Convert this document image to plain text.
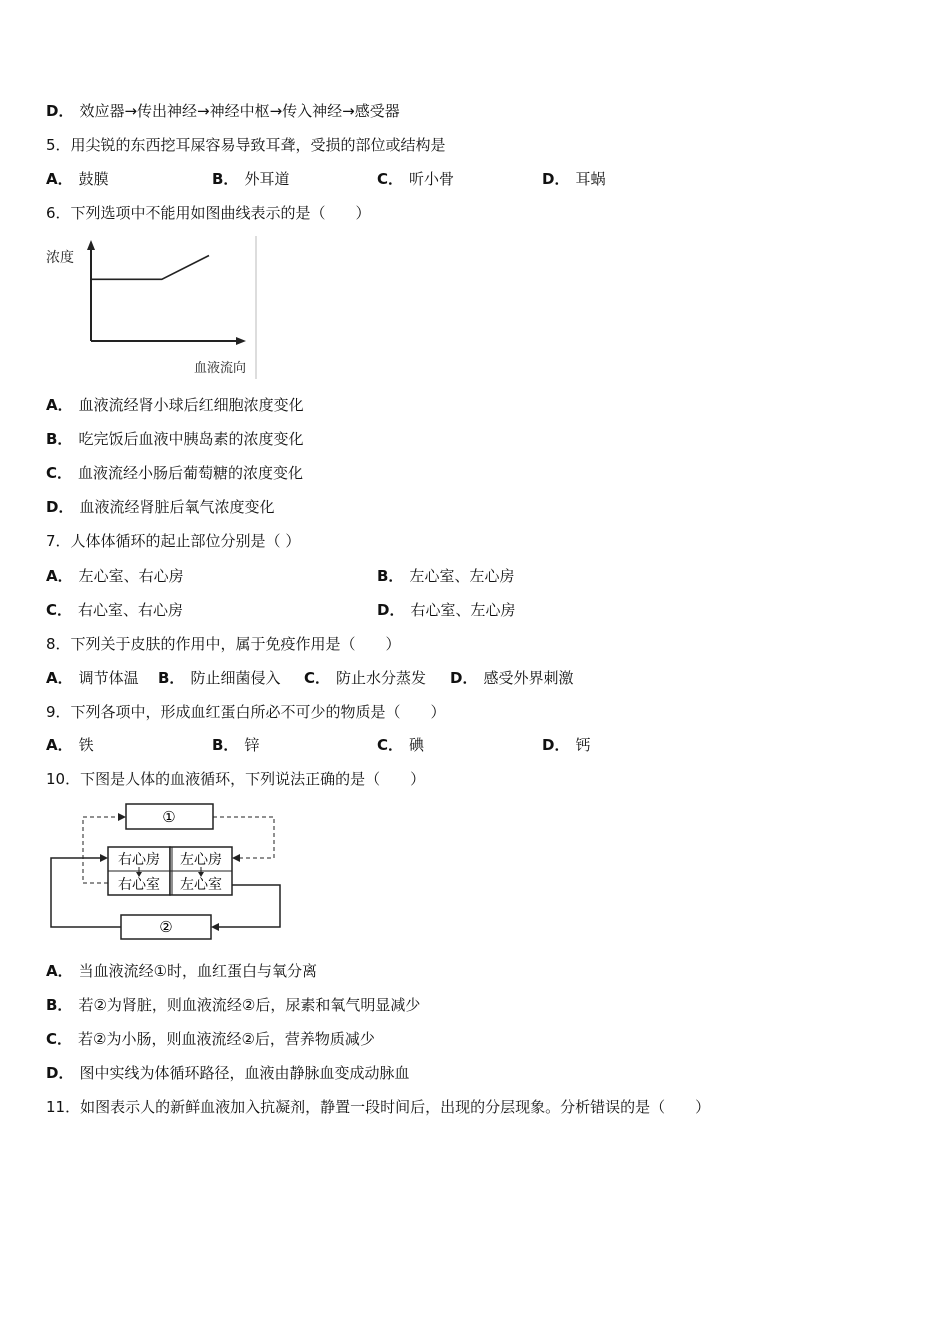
D． 效应器→传出神经→神经中枢→传入神经→感受器
5．用尖锐的东西挖耳屎容易导致耳聋，受损的部位或结构是
A． 鼓膜	B． 外耳道	C． 听小骨	D． 耳蜗
6．下列选项中不能用如图曲线表示的是（　　）
浓度
血液流向
A． 血液流经肾小球后红细胞浓度变化
B． 吃完饭后血液中胰岛素的浓度变化
C． 血液流经小肠后葡萄糖的浓度变化
D． 血液流经肾脏后氧气浓度变化
7．人体体循环的起止部位分别是（ ）
A． 左心室、右心房	B． 左心室、左心房
C． 右心室、右心房	D． 右心室、左心房
8．下列关于皮肤的作用中，属于免疫作用是（　　）
A． 调节体温 B． 防止细菌侵入 C． 防止水分蒸发 D． 感受外界刺激
9．下列各项中，形成血红蛋白所必不可少的物质是（　　）
A． 铁	B． 锌	C． 碘	D． 钙
10．下图是人体的血液循环，下列说法正确的是（　　）
①
②
右心房
右心室
左心房
左心室
A． 当血液流经①时，血红蛋白与氧分离
B． 若②为肾脏，则血液流经②后，尿素和氧气明显减少
C． 若②为小肠，则血液流经②后，营养物质减少
D． 图中实线为体循环路径，血液由静脉血变成动脉血
11．如图表示人的新鲜血液加入抗凝剂，静置一段时间后，出现的分层现象。分析错误的是（　　）
